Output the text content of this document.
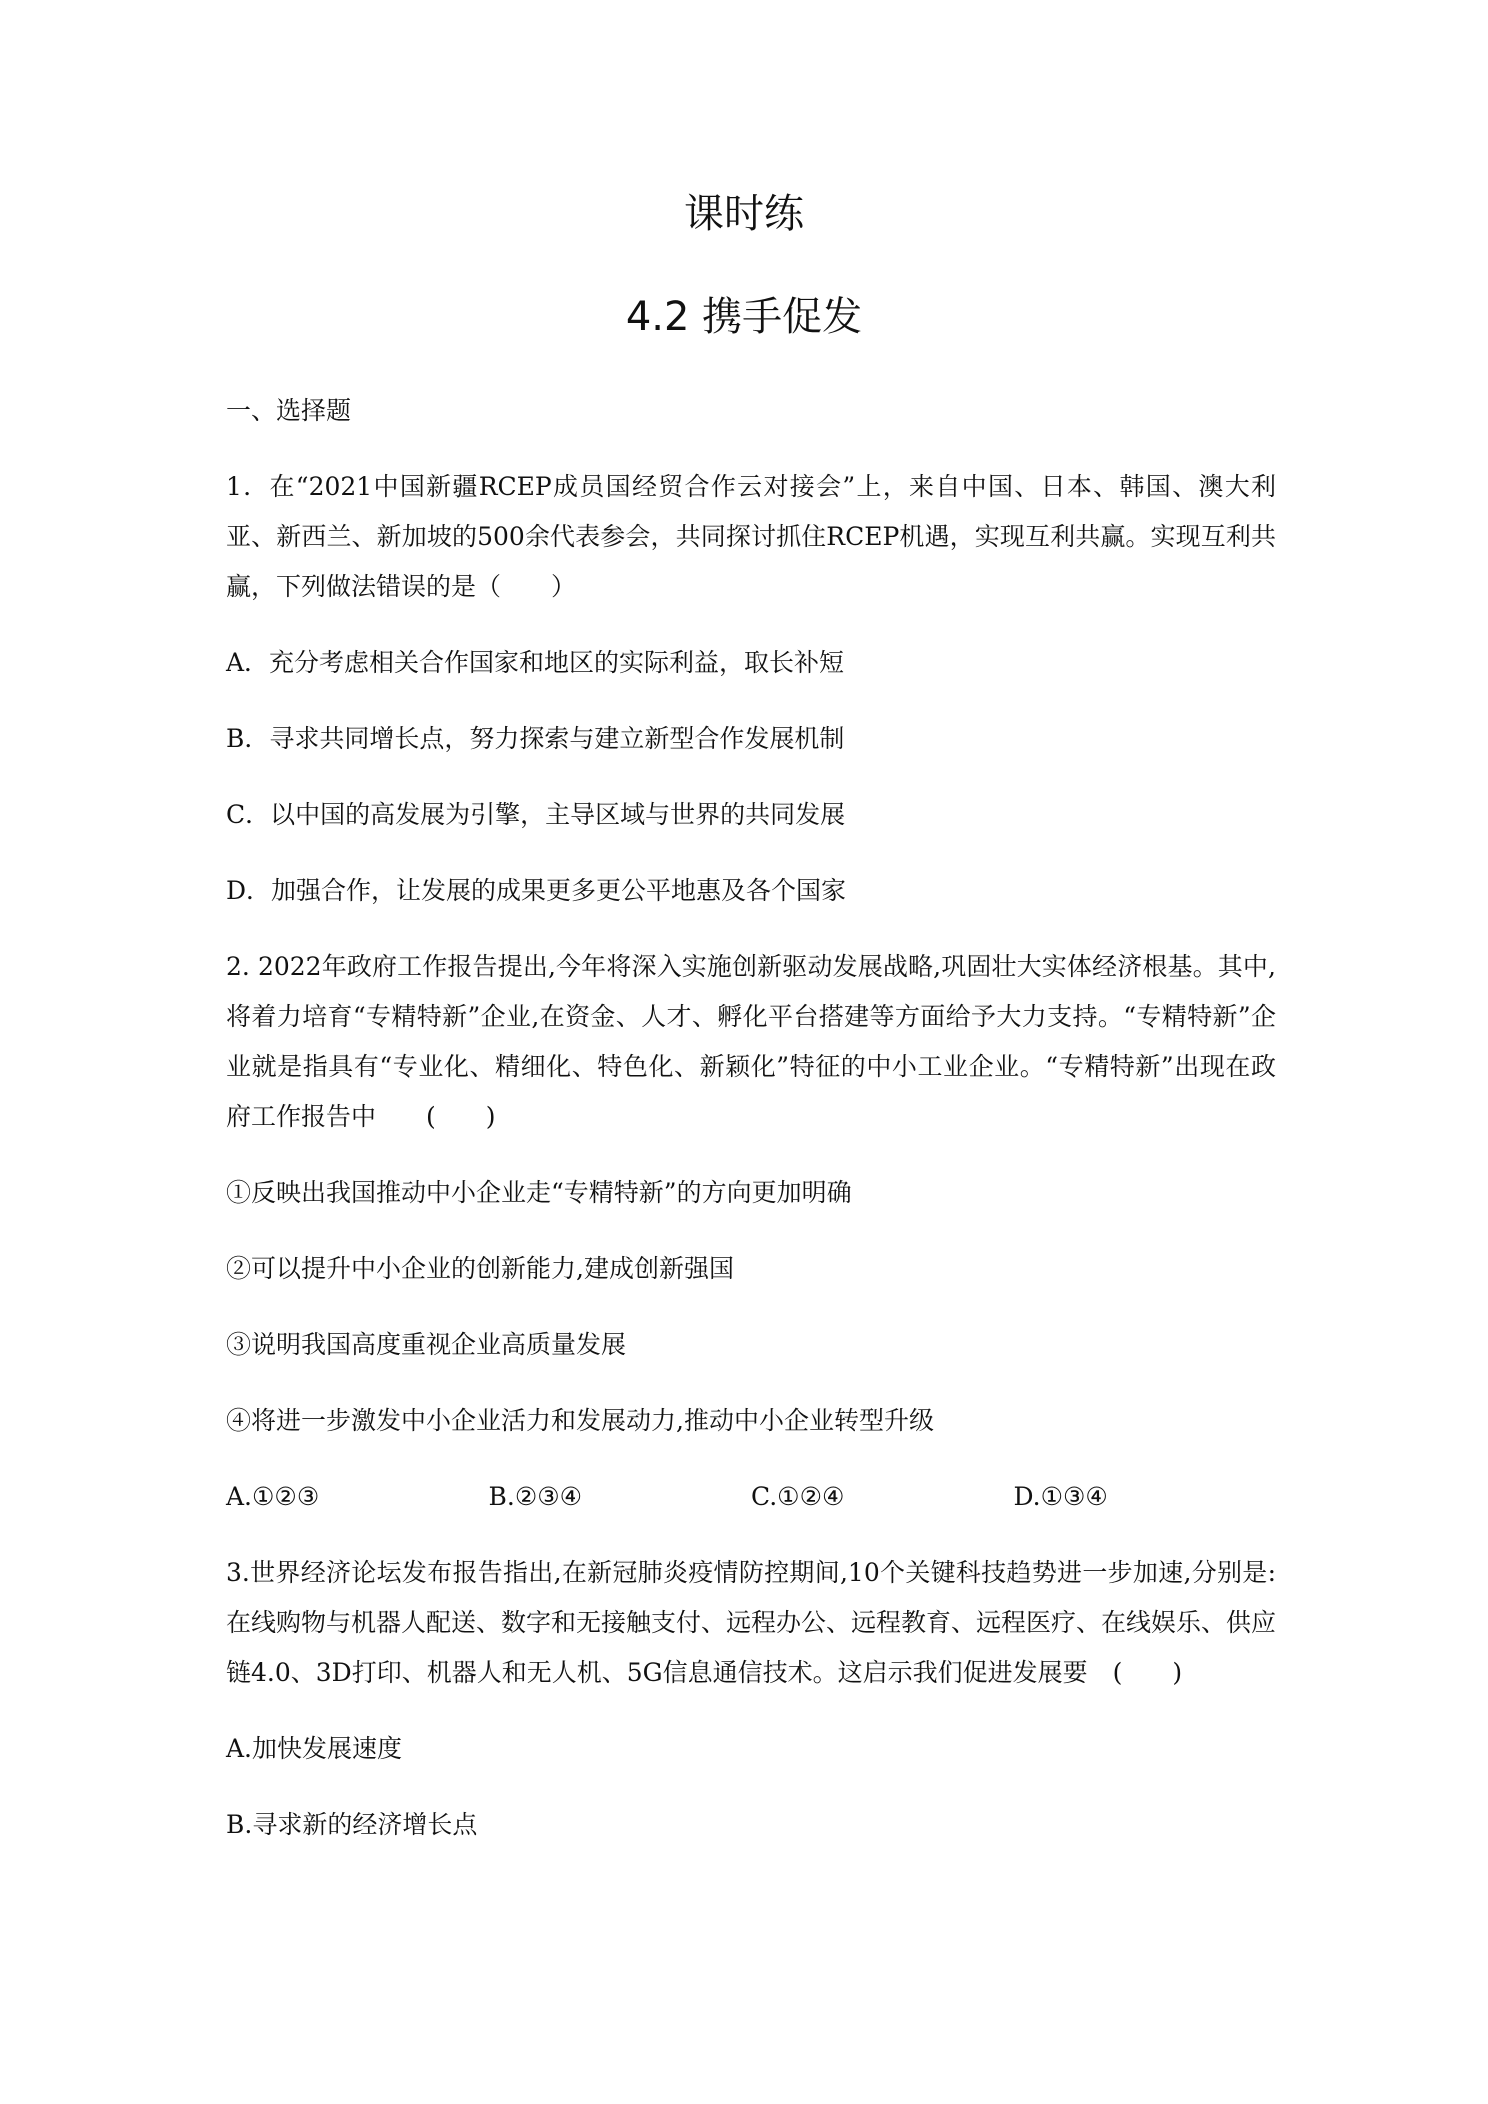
课时练
4.2 携手促发

一、选择题

1．在“2021中国新疆RCEP成员国经贸合作云对接会”上，来自中国、日本、韩国、澳大利亚、新西兰、新加坡的500余代表参会，共同探讨抓住RCEP机遇，实现互利共赢。实现互利共赢，下列做法错误的是（　　）

A．充分考虑相关合作国家和地区的实际利益，取长补短

B．寻求共同增长点，努力探索与建立新型合作发展机制

C．以中国的高发展为引擎，主导区域与世界的共同发展

D．加强合作，让发展的成果更多更公平地惠及各个国家

2. 2022年政府工作报告提出,今年将深入实施创新驱动发展战略,巩固壮大实体经济根基。其中,将着力培育“专精特新”企业,在资金、人才、孵化平台搭建等方面给予大力支持。“专精特新”企业就是指具有“专业化、精细化、特色化、新颖化”特征的中小工业企业。“专精特新”出现在政府工作报告中　　(　　)

①反映出我国推动中小企业走“专精特新”的方向更加明确

②可以提升中小企业的创新能力,建成创新强国

③说明我国高度重视企业高质量发展

④将进一步激发中小企业活力和发展动力,推动中小企业转型升级

A.①②③	B.②③④	C.①②④	D.①③④

3.世界经济论坛发布报告指出,在新冠肺炎疫情防控期间,10个关键科技趋势进一步加速,分别是:在线购物与机器人配送、数字和无接触支付、远程办公、远程教育、远程医疗、在线娱乐、供应链4.0、3D打印、机器人和无人机、5G信息通信技术。这启示我们促进发展要　(　　)

A.加快发展速度

B.寻求新的经济增长点
